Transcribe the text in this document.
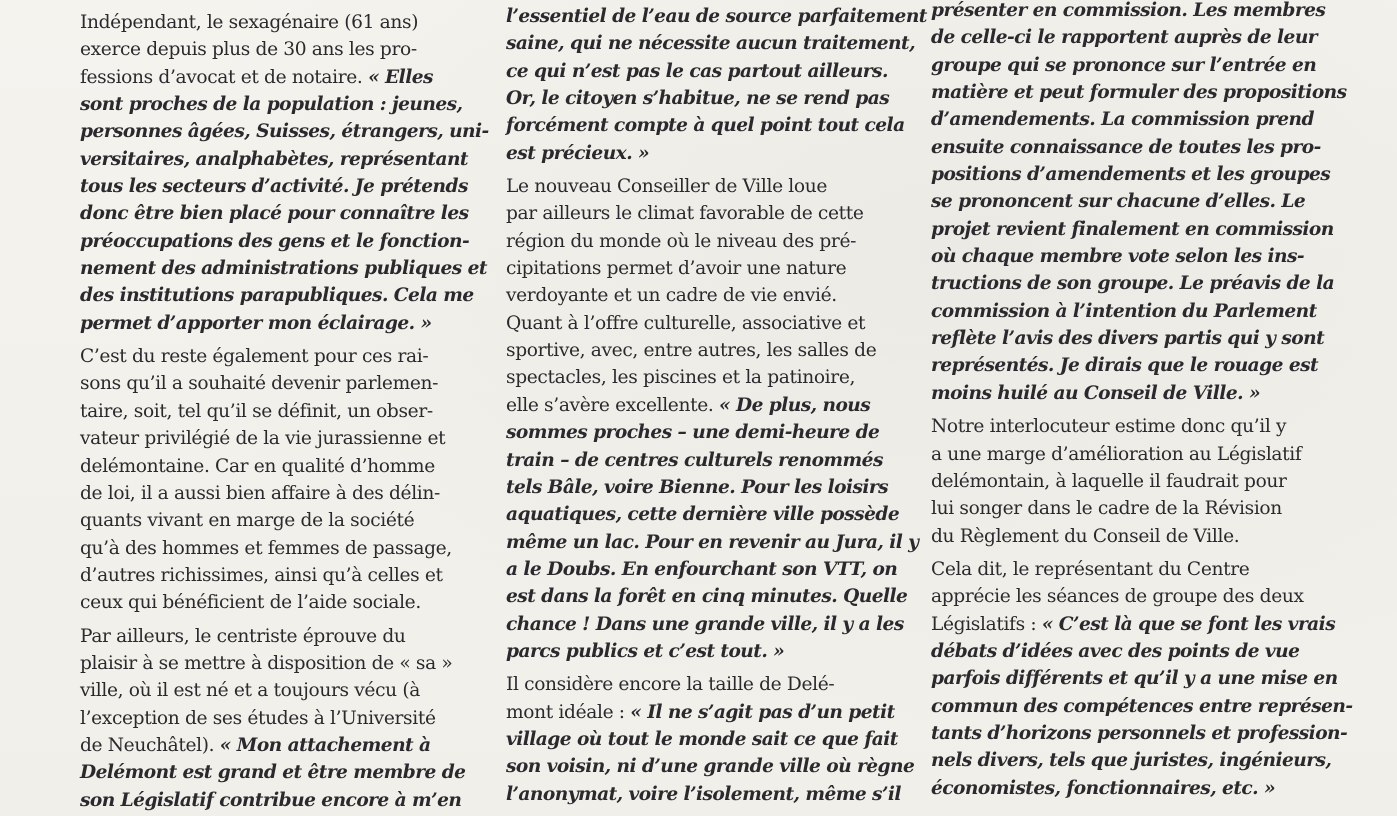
Indépendant, le sexagénaire (61 ans)
exerce depuis plus de 30 ans les pro-
fessions d’avocat et de notaire. « Elles
sont proches de la population : jeunes,
personnes âgées, Suisses, étrangers, uni-
versitaires, analphabètes, représentant
tous les secteurs d’activité. Je prétends
donc être bien placé pour connaître les
préoccupations des gens et le fonction-
nement des administrations publiques et
des institutions parapubliques. Cela me
permet d’apporter mon éclairage. »

C’est du reste également pour ces rai-
sons qu’il a souhaité devenir parlemen-
taire, soit, tel qu’il se définit, un obser-
vateur privilégié de la vie jurassienne et
delémontaine. Car en qualité d’homme
de loi, il a aussi bien affaire à des délin-
quants vivant en marge de la société
qu’à des hommes et femmes de passage,
d’autres richissimes, ainsi qu’à celles et
ceux qui bénéficient de l’aide sociale.

Par ailleurs, le centriste éprouve du
plaisir à se mettre à disposition de « sa »
ville, où il est né et a toujours vécu (à
l’exception de ses études à l’Université
de Neuchâtel). « Mon attachement à
Delémont est grand et être membre de
son Législatif contribue encore à m’en

l’essentiel de l’eau de source parfaitement
saine, qui ne nécessite aucun traitement,
ce qui n’est pas le cas partout ailleurs.
Or, le citoyen s’habitue, ne se rend pas
forcément compte à quel point tout cela
est précieux. »

Le nouveau Conseiller de Ville loue
par ailleurs le climat favorable de cette
région du monde où le niveau des pré-
cipitations permet d’avoir une nature
verdoyante et un cadre de vie envié.
Quant à l’offre culturelle, associative et
sportive, avec, entre autres, les salles de
spectacles, les piscines et la patinoire,
elle s’avère excellente. « De plus, nous
sommes proches – une demi-heure de
train – de centres culturels renommés
tels Bâle, voire Bienne. Pour les loisirs
aquatiques, cette dernière ville possède
même un lac. Pour en revenir au Jura, il y
a le Doubs. En enfourchant son VTT, on
est dans la forêt en cinq minutes. Quelle
chance ! Dans une grande ville, il y a les
parcs publics et c’est tout. »

Il considère encore la taille de Delé-
mont idéale : « Il ne s’agit pas d’un petit
village où tout le monde sait ce que fait
son voisin, ni d’une grande ville où règne
l’anonymat, voire l’isolement, même s’il

présenter en commission. Les membres
de celle-ci le rapportent auprès de leur
groupe qui se prononce sur l’entrée en
matière et peut formuler des propositions
d’amendements. La commission prend
ensuite connaissance de toutes les pro-
positions d’amendements et les groupes
se prononcent sur chacune d’elles. Le
projet revient finalement en commission
où chaque membre vote selon les ins-
tructions de son groupe. Le préavis de la
commission à l’intention du Parlement
reflète l’avis des divers partis qui y sont
représentés. Je dirais que le rouage est
moins huilé au Conseil de Ville. »

Notre interlocuteur estime donc qu’il y
a une marge d’amélioration au Législatif
delémontain, à laquelle il faudrait pour
lui songer dans le cadre de la Révision
du Règlement du Conseil de Ville.

Cela dit, le représentant du Centre
apprécie les séances de groupe des deux
Législatifs : « C’est là que se font les vrais
débats d’idées avec des points de vue
parfois différents et qu’il y a une mise en
commun des compétences entre représen-
tants d’horizons personnels et profession-
nels divers, tels que juristes, ingénieurs,
économistes, fonctionnaires, etc. »
